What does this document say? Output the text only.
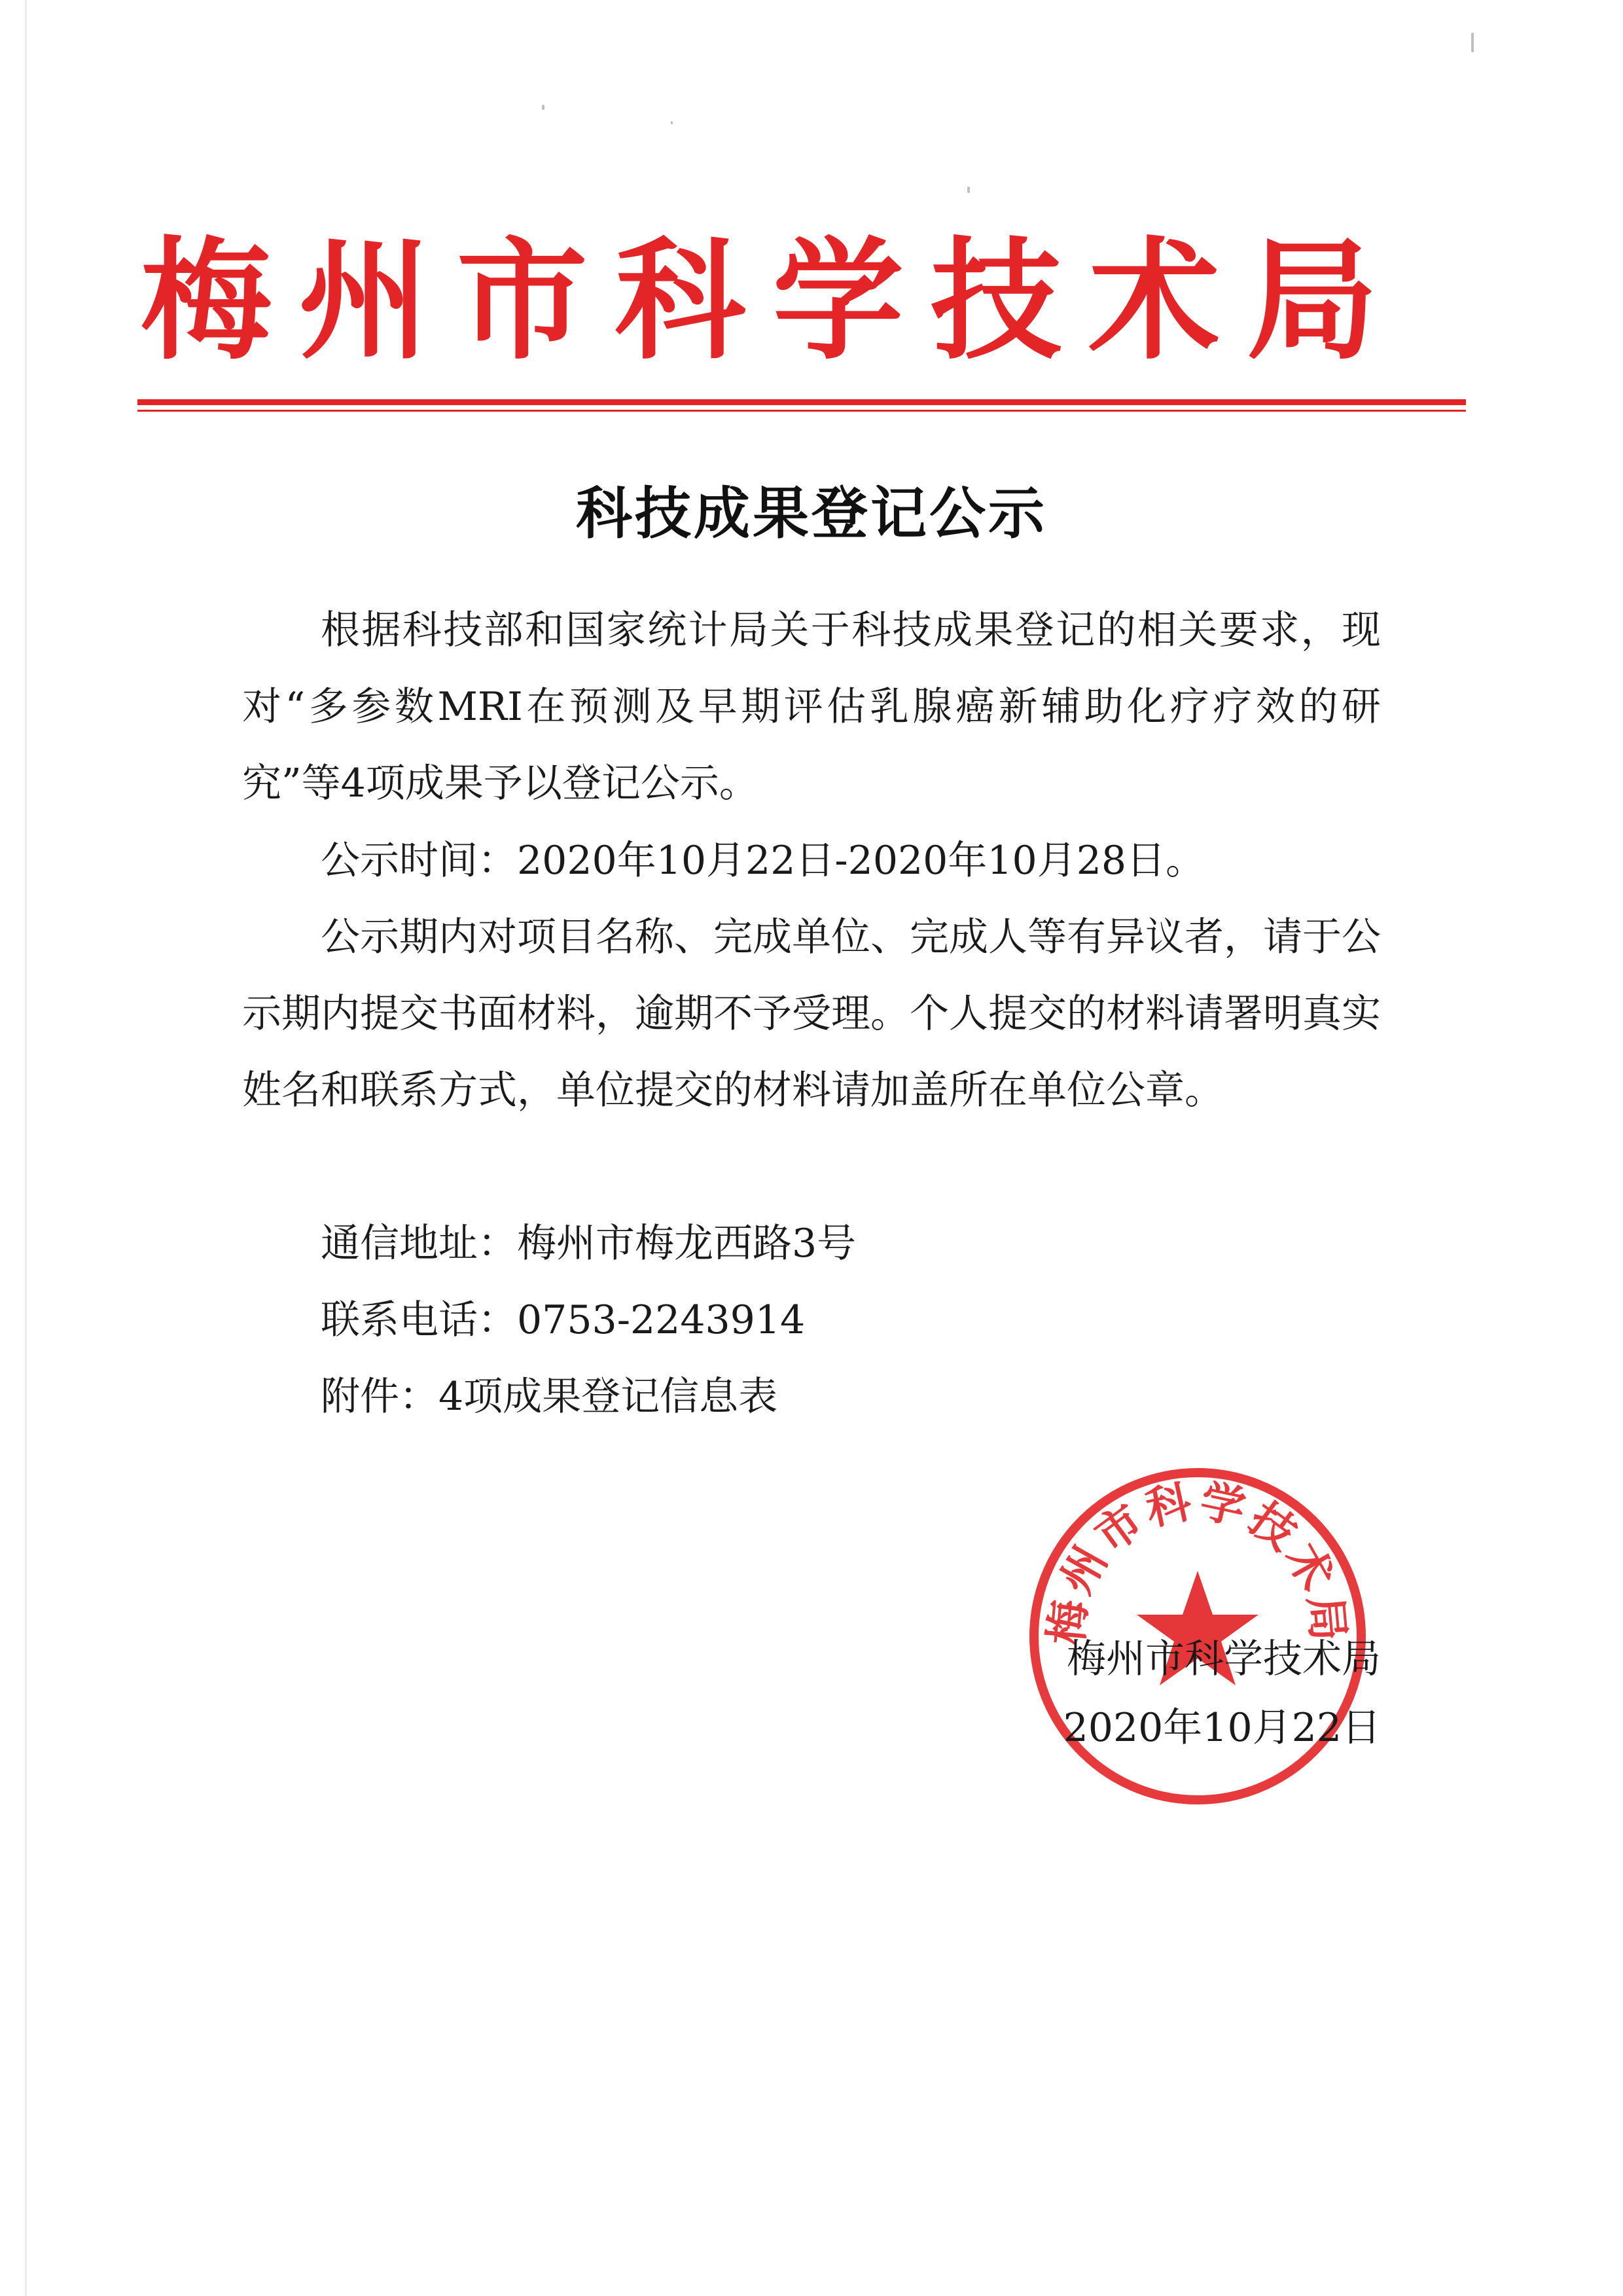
梅 州 市 科 学 技 术 局
科技成果登记公示

根据科技部和国家统计局关于科技成果登记的相关要求，现对“多参数MRI在预测及早期评估乳腺癌新辅助化疗疗效的研究”等4项成果予以登记公示。

公示时间：2020年10月22日-2020年10月28日。

公示期内对项目名称、完成单位、完成人等有异议者，请于公示期内提交书面材料，逾期不予受理。个人提交的材料请署明真实姓名和联系方式，单位提交的材料请加盖所在单位公章。

通信地址：梅州市梅龙西路3号
联系电话：0753-2243914
附件：4项成果登记信息表
梅州市科学技术局
梅州市科学技术局
2020年10月22日
